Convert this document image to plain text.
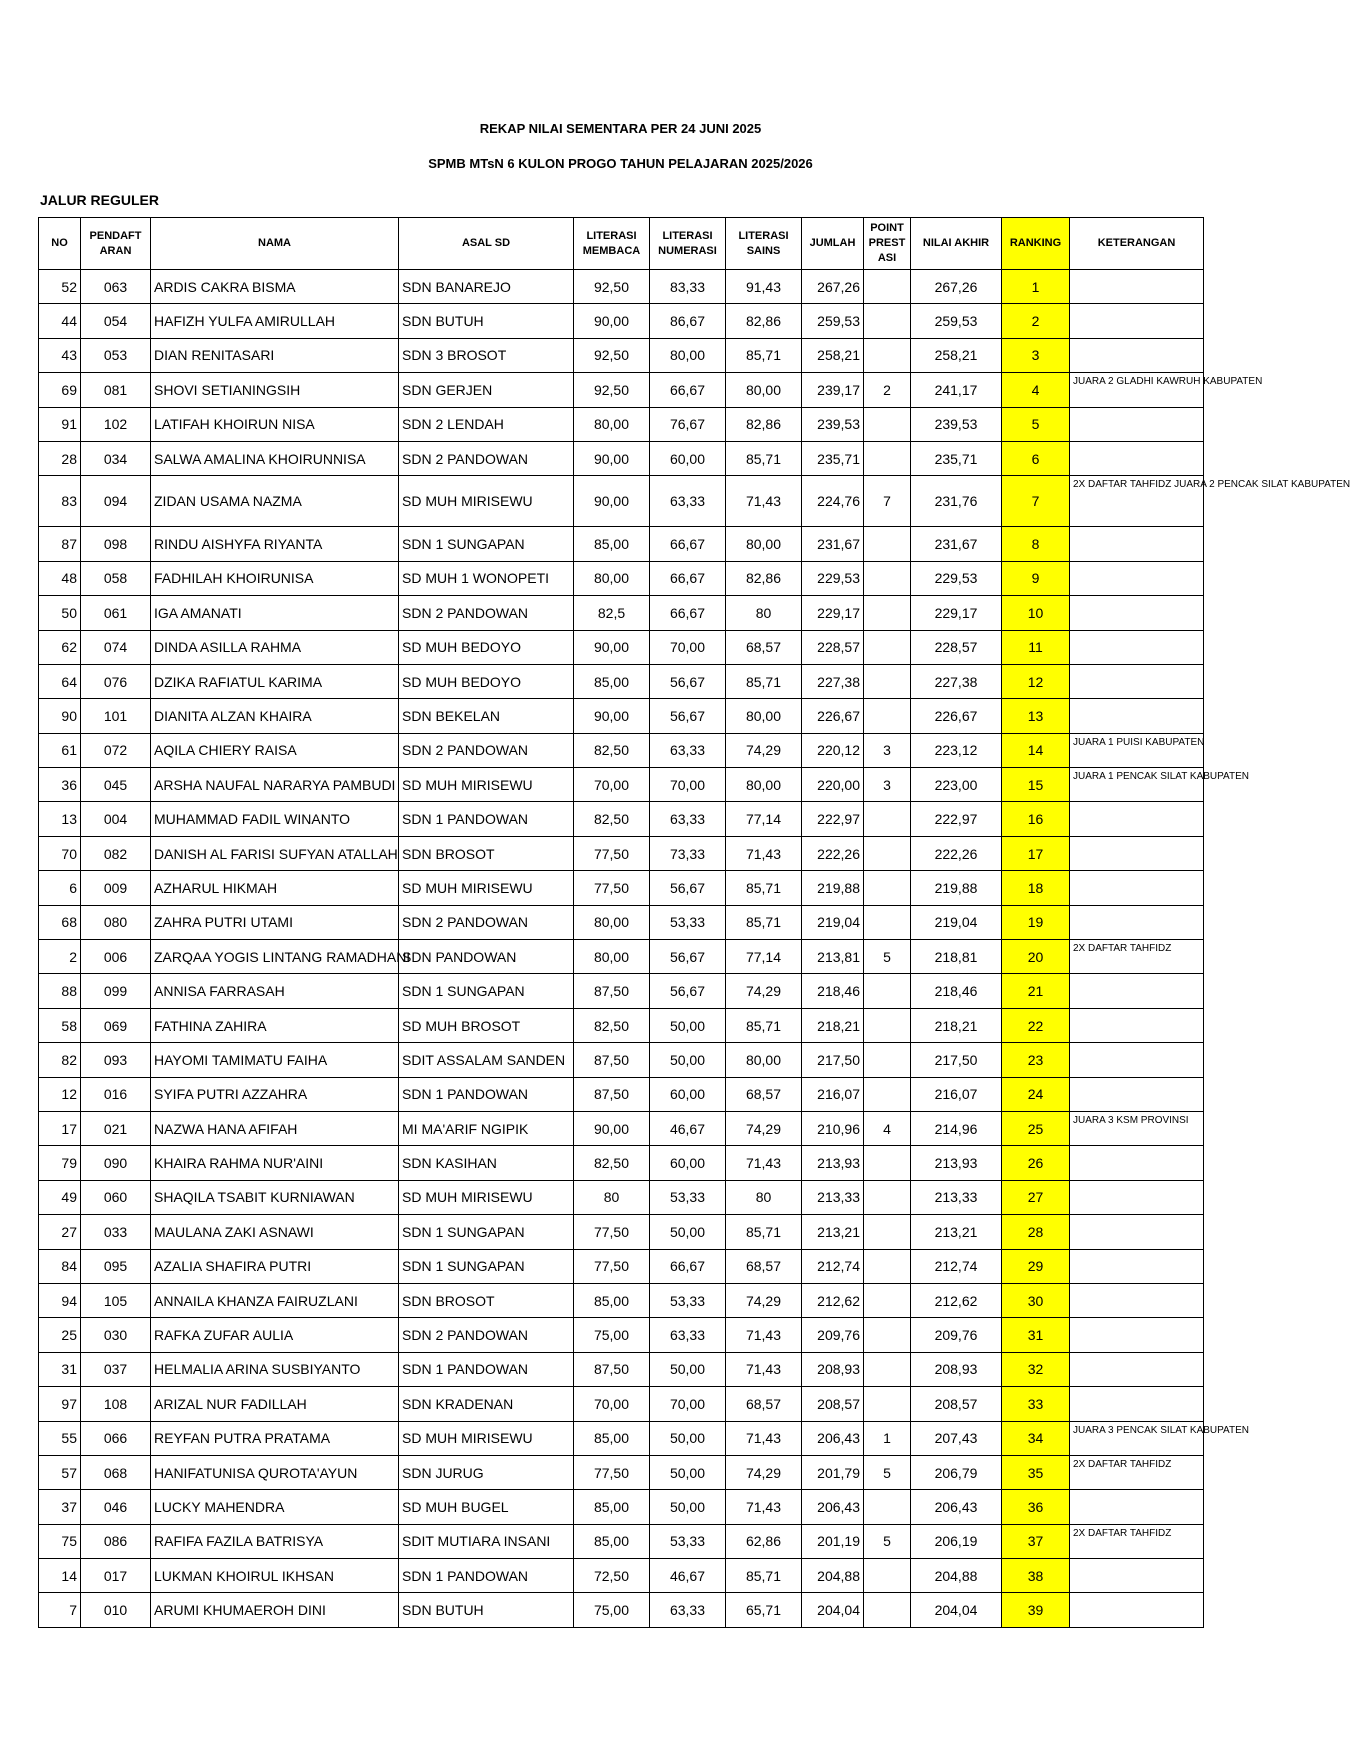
REKAP NILAI SEMENTARA PER 24 JUNI 2025
SPMB MTsN 6 KULON PROGO TAHUN PELAJARAN 2025/2026
JALUR REGULER
NO	PENDAFT ARAN	NAMA	ASAL SD	LITERASI MEMBACA	LITERASI NUMERASI	LITERASI SAINS	JUMLAH	POINT PREST ASI	NILAI AKHIR	RANKING	KETERANGAN
52	063	ARDIS CAKRA BISMA	SDN BANAREJO	92,50	83,33	91,43	267,26		267,26	1	
44	054	HAFIZH YULFA AMIRULLAH	SDN BUTUH	90,00	86,67	82,86	259,53		259,53	2	
43	053	DIAN RENITASARI	SDN 3 BROSOT	92,50	80,00	85,71	258,21		258,21	3	
69	081	SHOVI SETIANINGSIH	SDN GERJEN	92,50	66,67	80,00	239,17	2	241,17	4	JUARA 2 GLADHI KAWRUH KABUPATEN
91	102	LATIFAH KHOIRUN NISA	SDN 2 LENDAH	80,00	76,67	82,86	239,53		239,53	5	
28	034	SALWA AMALINA KHOIRUNNISA	SDN 2 PANDOWAN	90,00	60,00	85,71	235,71		235,71	6	
83	094	ZIDAN USAMA NAZMA	SD MUH MIRISEWU	90,00	63,33	71,43	224,76	7	231,76	7	2X DAFTAR TAHFIDZ JUARA 2 PENCAK SILAT KABUPATEN
87	098	RINDU AISHYFA RIYANTA	SDN 1 SUNGAPAN	85,00	66,67	80,00	231,67		231,67	8	
48	058	FADHILAH KHOIRUNISA	SD MUH 1 WONOPETI	80,00	66,67	82,86	229,53		229,53	9	
50	061	IGA AMANATI	SDN 2 PANDOWAN	82,5	66,67	80	229,17		229,17	10	
62	074	DINDA ASILLA RAHMA	SD MUH BEDOYO	90,00	70,00	68,57	228,57		228,57	11	
64	076	DZIKA RAFIATUL KARIMA	SD MUH BEDOYO	85,00	56,67	85,71	227,38		227,38	12	
90	101	DIANITA ALZAN KHAIRA	SDN BEKELAN	90,00	56,67	80,00	226,67		226,67	13	
61	072	AQILA CHIERY RAISA	SDN 2 PANDOWAN	82,50	63,33	74,29	220,12	3	223,12	14	JUARA 1 PUISI KABUPATEN
36	045	ARSHA NAUFAL NARARYA PAMBUDI	SD MUH MIRISEWU	70,00	70,00	80,00	220,00	3	223,00	15	JUARA 1 PENCAK SILAT KABUPATEN
13	004	MUHAMMAD FADIL WINANTO	SDN 1 PANDOWAN	82,50	63,33	77,14	222,97		222,97	16	
70	082	DANISH AL FARISI SUFYAN ATALLAH	SDN BROSOT	77,50	73,33	71,43	222,26		222,26	17	
6	009	AZHARUL HIKMAH	SD MUH MIRISEWU	77,50	56,67	85,71	219,88		219,88	18	
68	080	ZAHRA PUTRI UTAMI	SDN 2 PANDOWAN	80,00	53,33	85,71	219,04		219,04	19	
2	006	ZARQAA YOGIS LINTANG RAMADHANI	SDN PANDOWAN	80,00	56,67	77,14	213,81	5	218,81	20	2X DAFTAR TAHFIDZ
88	099	ANNISA FARRASAH	SDN 1 SUNGAPAN	87,50	56,67	74,29	218,46		218,46	21	
58	069	FATHINA ZAHIRA	SD MUH BROSOT	82,50	50,00	85,71	218,21		218,21	22	
82	093	HAYOMI TAMIMATU FAIHA	SDIT ASSALAM SANDEN	87,50	50,00	80,00	217,50		217,50	23	
12	016	SYIFA PUTRI AZZAHRA	SDN 1 PANDOWAN	87,50	60,00	68,57	216,07		216,07	24	
17	021	NAZWA HANA AFIFAH	MI MA'ARIF NGIPIK	90,00	46,67	74,29	210,96	4	214,96	25	JUARA 3 KSM PROVINSI
79	090	KHAIRA RAHMA NUR'AINI	SDN KASIHAN	82,50	60,00	71,43	213,93		213,93	26	
49	060	SHAQILA TSABIT KURNIAWAN	SD MUH MIRISEWU	80	53,33	80	213,33		213,33	27	
27	033	MAULANA ZAKI ASNAWI	SDN 1 SUNGAPAN	77,50	50,00	85,71	213,21		213,21	28	
84	095	AZALIA SHAFIRA PUTRI	SDN 1 SUNGAPAN	77,50	66,67	68,57	212,74		212,74	29	
94	105	ANNAILA KHANZA FAIRUZLANI	SDN BROSOT	85,00	53,33	74,29	212,62		212,62	30	
25	030	RAFKA ZUFAR AULIA	SDN 2 PANDOWAN	75,00	63,33	71,43	209,76		209,76	31	
31	037	HELMALIA ARINA SUSBIYANTO	SDN 1 PANDOWAN	87,50	50,00	71,43	208,93		208,93	32	
97	108	ARIZAL NUR FADILLAH	SDN KRADENAN	70,00	70,00	68,57	208,57		208,57	33	
55	066	REYFAN PUTRA PRATAMA	SD MUH MIRISEWU	85,00	50,00	71,43	206,43	1	207,43	34	JUARA 3 PENCAK SILAT KABUPATEN
57	068	HANIFATUNISA QUROTA'AYUN	SDN JURUG	77,50	50,00	74,29	201,79	5	206,79	35	2X DAFTAR TAHFIDZ
37	046	LUCKY MAHENDRA	SD MUH BUGEL	85,00	50,00	71,43	206,43		206,43	36	
75	086	RAFIFA FAZILA BATRISYA	SDIT MUTIARA INSANI	85,00	53,33	62,86	201,19	5	206,19	37	2X DAFTAR TAHFIDZ
14	017	LUKMAN KHOIRUL IKHSAN	SDN 1 PANDOWAN	72,50	46,67	85,71	204,88		204,88	38	
7	010	ARUMI KHUMAEROH DINI	SDN BUTUH	75,00	63,33	65,71	204,04		204,04	39	
